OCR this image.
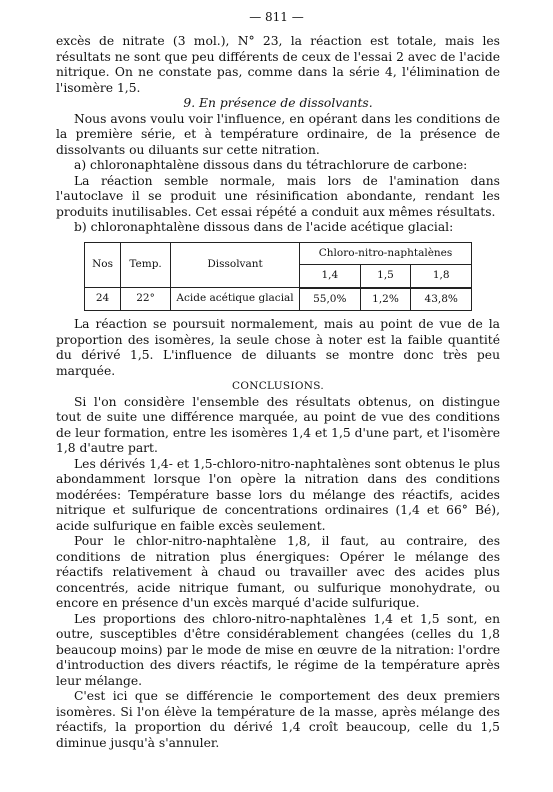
— 811 —

excès de nitrate (3 mol.), N° 23, la réaction est totale, mais les résultats ne sont que peu différents de ceux de l'essai 2 avec de l'acide nitrique. On ne constate pas, comme dans la série 4, l'élimination de l'isomère 1,5.

9. En présence de dissolvants.

Nous avons voulu voir l'influence, en opérant dans les conditions de la première série, et à température ordinaire, de la présence de dissolvants ou diluants sur cette nitration.

a) chloronaphtalène dissous dans du tétrachlorure de carbone:

La réaction semble normale, mais lors de l'amination dans l'autoclave il se produit une résinification abondante, rendant les produits inutilisables. Cet essai répété a conduit aux mêmes résultats.

b) chloronaphtalène dissous dans de l'acide acétique glacial:

Nos	Temp.	Dissolvant	Chloro-nitro-naphtalènes		
			1,4	1,5	1,8
24	22°	Acide acétique glacial	55,0%	1,2%	43,8%

La réaction se poursuit normalement, mais au point de vue de la proportion des isomères, la seule chose à noter est la faible quantité du dérivé 1,5. L'influence de diluants se montre donc très peu marquée.

CONCLUSIONS.

Si l'on considère l'ensemble des résultats obtenus, on distingue tout de suite une différence marquée, au point de vue des conditions de leur formation, entre les isomères 1,4 et 1,5 d'une part, et l'isomère 1,8 d'autre part.

Les dérivés 1,4- et 1,5-chloro-nitro-naphtalènes sont obtenus le plus abondamment lorsque l'on opère la nitration dans des conditions modérées: Température basse lors du mélange des réactifs, acides nitrique et sulfurique de concentrations ordinaires (1,4 et 66° Bé), acide sulfurique en faible excès seulement.

Pour le chlor-nitro-naphtalène 1,8, il faut, au contraire, des conditions de nitration plus énergiques: Opérer le mélange des réactifs relativement à chaud ou travailler avec des acides plus concentrés, acide nitrique fumant, ou sulfurique monohydrate, ou encore en présence d'un excès marqué d'acide sulfurique.

Les proportions des chloro-nitro-naphtalènes 1,4 et 1,5 sont, en outre, susceptibles d'être considérablement changées (celles du 1,8 beaucoup moins) par le mode de mise en œuvre de la nitration: l'ordre d'introduction des divers réactifs, le régime de la température après leur mélange.

C'est ici que se différencie le comportement des deux premiers isomères. Si l'on élève la température de la masse, après mélange des réactifs, la proportion du dérivé 1,4 croît beaucoup, celle du 1,5 diminue jusqu'à s'annuler.
